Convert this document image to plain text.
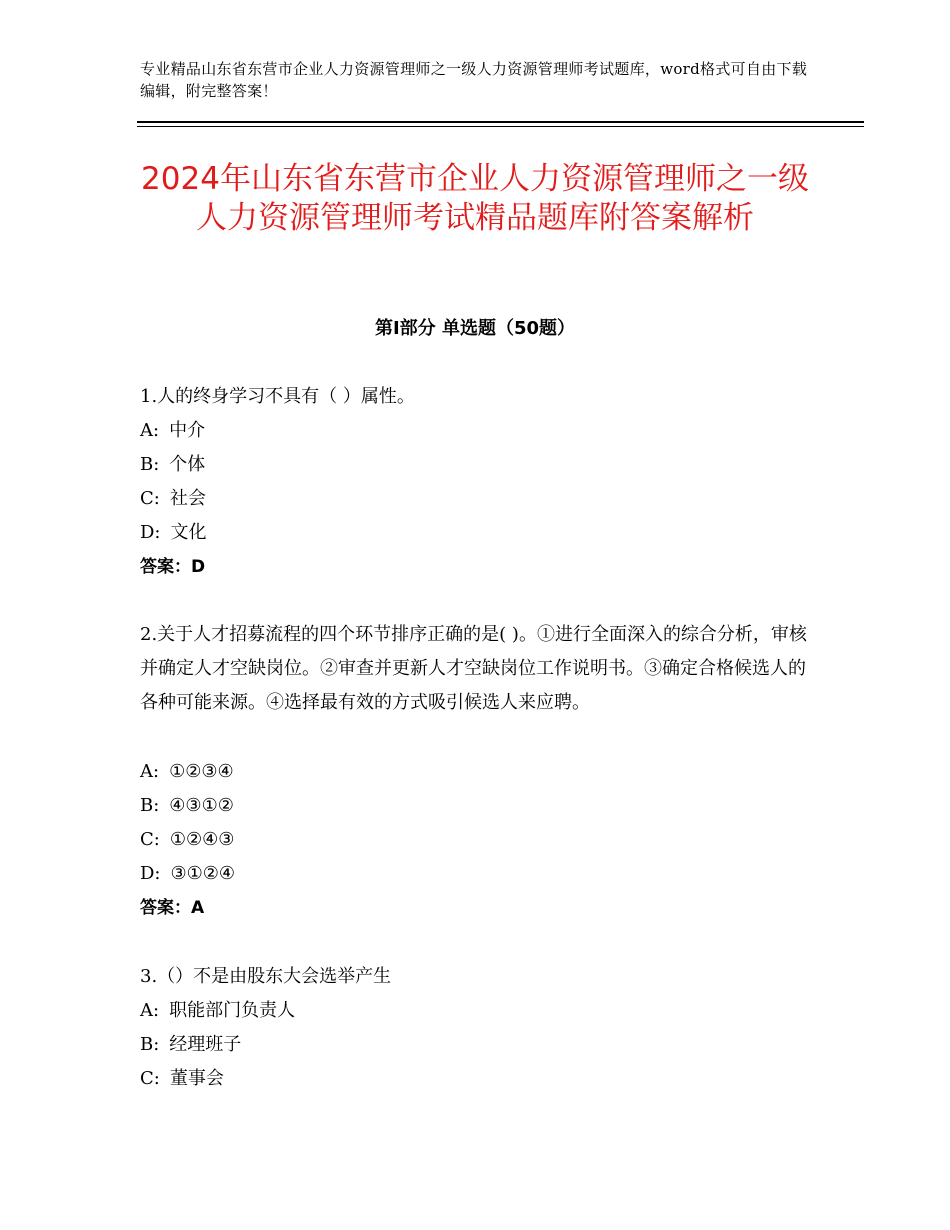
专业精品山东省东营市企业人力资源管理师之一级人力资源管理师考试题库，word格式可自由下载编辑，附完整答案！
2024年山东省东营市企业人力资源管理师之一级人力资源管理师考试精品题库附答案解析
第Ⅰ部分 单选题（50题）

1.人的终身学习不具有（ ）属性。

A: 中介

B: 个体

C: 社会

D: 文化

答案：D

2.关于人才招募流程的四个环节排序正确的是( )。①进行全面深入的综合分析，审核并确定人才空缺岗位。②审查并更新人才空缺岗位工作说明书。③确定合格候选人的各种可能来源。④选择最有效的方式吸引候选人来应聘。

A: ①②③④

B: ④③①②

C: ①②④③

D: ③①②④

答案：A

3.（）不是由股东大会选举产生

A: 职能部门负责人

B: 经理班子

C: 董事会
